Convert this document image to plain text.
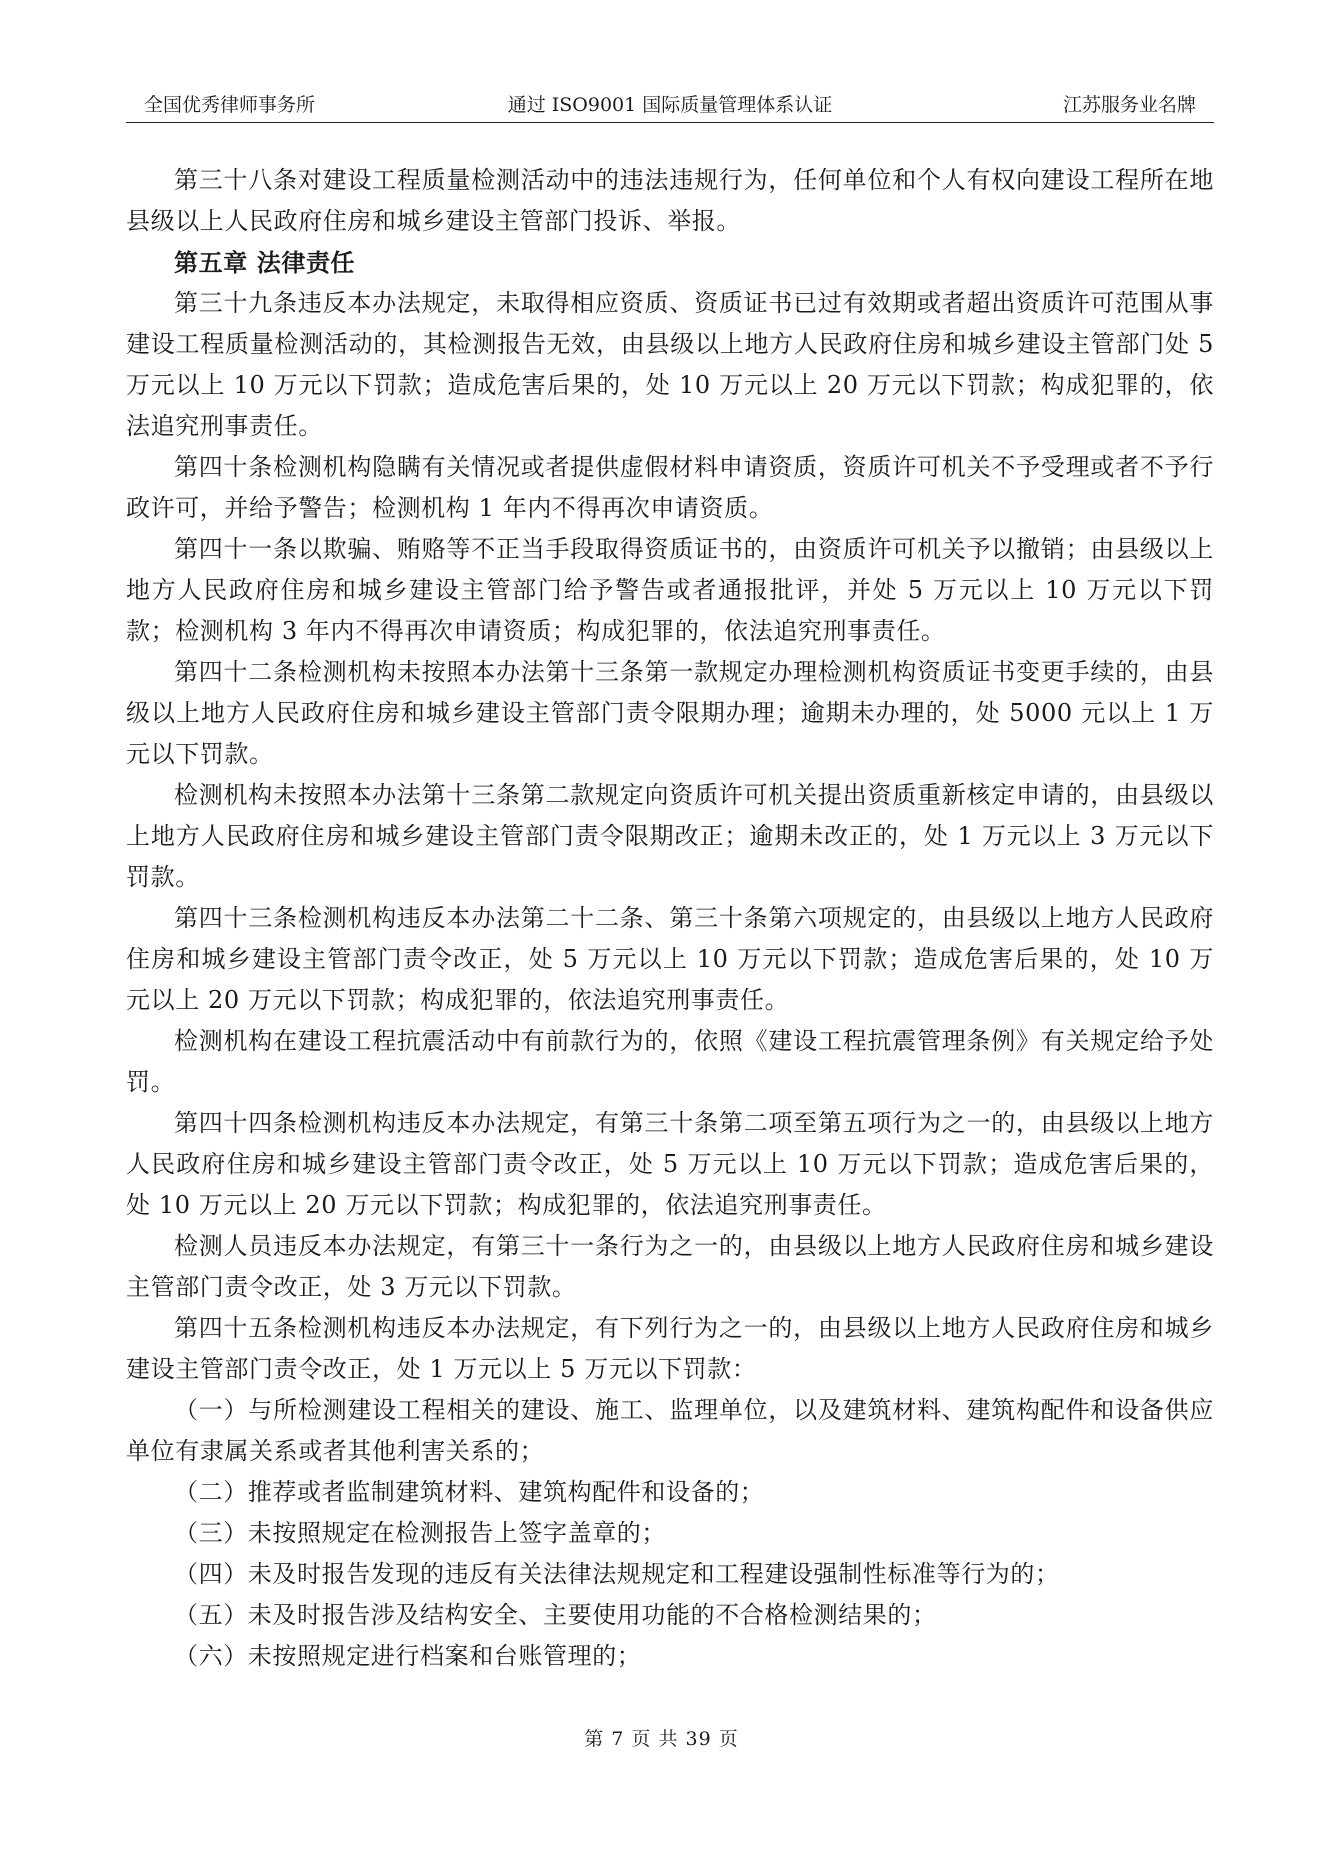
全国优秀律师事务所	通过 ISO9001 国际质量管理体系认证	江苏服务业名牌

第三十八条对建设工程质量检测活动中的违法违规行为，任何单位和个人有权向建设工程所在地县级以上人民政府住房和城乡建设主管部门投诉、举报。

第五章 法律责任

第三十九条违反本办法规定，未取得相应资质、资质证书已过有效期或者超出资质许可范围从事建设工程质量检测活动的，其检测报告无效，由县级以上地方人民政府住房和城乡建设主管部门处 5 万元以上 10 万元以下罚款；造成危害后果的，处 10 万元以上 20 万元以下罚款；构成犯罪的，依法追究刑事责任。

第四十条检测机构隐瞒有关情况或者提供虚假材料申请资质，资质许可机关不予受理或者不予行政许可，并给予警告；检测机构 1 年内不得再次申请资质。

第四十一条以欺骗、贿赂等不正当手段取得资质证书的，由资质许可机关予以撤销；由县级以上地方人民政府住房和城乡建设主管部门给予警告或者通报批评，并处 5 万元以上 10 万元以下罚款；检测机构 3 年内不得再次申请资质；构成犯罪的，依法追究刑事责任。

第四十二条检测机构未按照本办法第十三条第一款规定办理检测机构资质证书变更手续的，由县级以上地方人民政府住房和城乡建设主管部门责令限期办理；逾期未办理的，处 5000 元以上 1 万元以下罚款。

检测机构未按照本办法第十三条第二款规定向资质许可机关提出资质重新核定申请的，由县级以上地方人民政府住房和城乡建设主管部门责令限期改正；逾期未改正的，处 1 万元以上 3 万元以下罚款。

第四十三条检测机构违反本办法第二十二条、第三十条第六项规定的，由县级以上地方人民政府住房和城乡建设主管部门责令改正，处 5 万元以上 10 万元以下罚款；造成危害后果的，处 10 万元以上 20 万元以下罚款；构成犯罪的，依法追究刑事责任。

检测机构在建设工程抗震活动中有前款行为的，依照《建设工程抗震管理条例》有关规定给予处罚。

第四十四条检测机构违反本办法规定，有第三十条第二项至第五项行为之一的，由县级以上地方人民政府住房和城乡建设主管部门责令改正，处 5 万元以上 10 万元以下罚款；造成危害后果的，处 10 万元以上 20 万元以下罚款；构成犯罪的，依法追究刑事责任。

检测人员违反本办法规定，有第三十一条行为之一的，由县级以上地方人民政府住房和城乡建设主管部门责令改正，处 3 万元以下罚款。

第四十五条检测机构违反本办法规定，有下列行为之一的，由县级以上地方人民政府住房和城乡建设主管部门责令改正，处 1 万元以上 5 万元以下罚款：

（一）与所检测建设工程相关的建设、施工、监理单位，以及建筑材料、建筑构配件和设备供应单位有隶属关系或者其他利害关系的；

（二）推荐或者监制建筑材料、建筑构配件和设备的；

（三）未按照规定在检测报告上签字盖章的；

（四）未及时报告发现的违反有关法律法规规定和工程建设强制性标准等行为的；

（五）未及时报告涉及结构安全、主要使用功能的不合格检测结果的；

（六）未按照规定进行档案和台账管理的；

第 7 页 共 39 页
